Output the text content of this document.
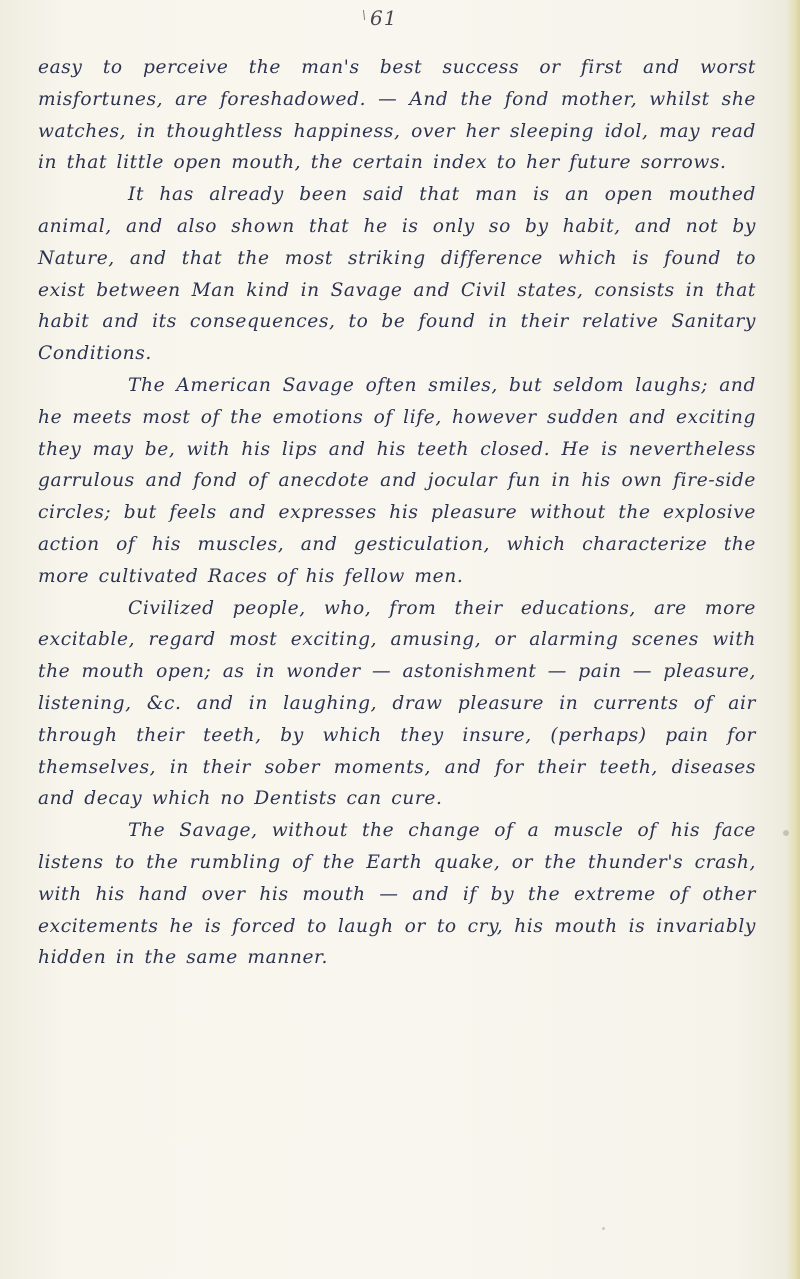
\ 61

easy to perceive the man's best success or first and worst misfortunes, are foreshadowed. — And the fond mother, whilst she watches, in thoughtless happiness, over her sleeping idol, may read in that little open mouth, the certain index to her future sorrows.

It has already been said that man is an open mouthed animal, and also shown that he is only so by habit, and not by Nature, and that the most striking difference which is found to exist between Man kind in Savage and Civil states, consists in that habit and its consequences, to be found in their relative Sanitary Conditions.

The American Savage often smiles, but seldom laughs; and he meets most of the emotions of life, however sudden and exciting they may be, with his lips and his teeth closed. He is nevertheless garrulous and fond of anecdote and jocular fun in his own fire-side circles; but feels and expresses his pleasure without the explosive action of his muscles, and gesticulation, which characterize the more cultivated Races of his fellow men.

Civilized people, who, from their educations, are more excitable, regard most exciting, amusing, or alarming scenes with the mouth open; as in wonder — astonishment — pain — pleasure, listening, &c. and in laughing, draw pleasure in currents of air through their teeth, by which they insure, (perhaps) pain for themselves, in their sober moments, and for their teeth, diseases and decay which no Dentists can cure.

The Savage, without the change of a muscle of his face listens to the rumbling of the Earth quake, or the thunder's crash, with his hand over his mouth — and if by the extreme of other excitements he is forced to laugh or to cry, his mouth is invariably hidden in the same manner.
